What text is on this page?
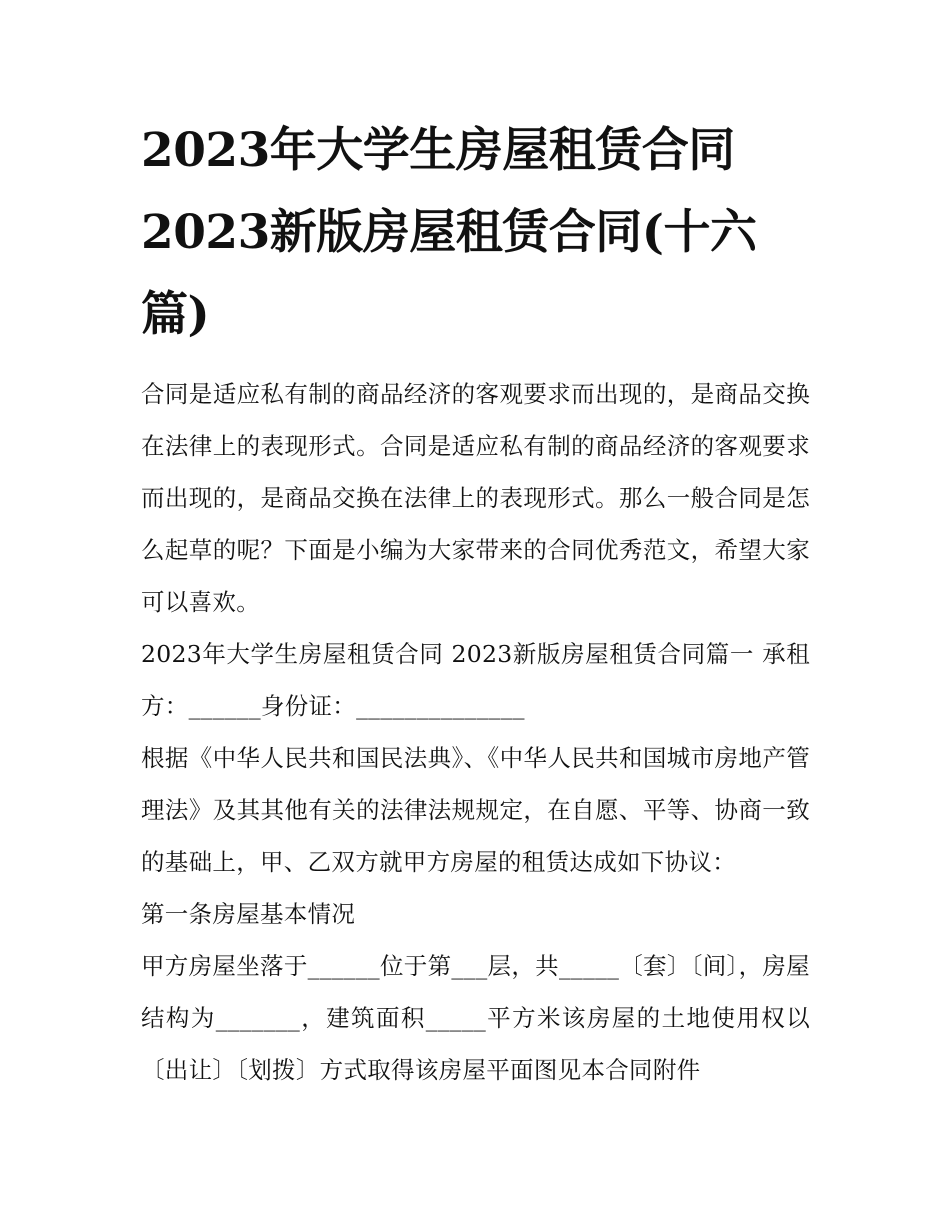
2023年大学生房屋租赁合同 2023新版房屋租赁合同(十六篇)

合同是适应私有制的商品经济的客观要求而出现的，是商品交换在法律上的表现形式。合同是适应私有制的商品经济的客观要求而出现的，是商品交换在法律上的表现形式。那么一般合同是怎么起草的呢？下面是小编为大家带来的合同优秀范文，希望大家可以喜欢。

2023年大学生房屋租赁合同 2023新版房屋租赁合同篇一 承租方：______身份证：______________

根据《中华人民共和国民法典》、《中华人民共和国城市房地产管理法》及其其他有关的法律法规规定，在自愿、平等、协商一致的基础上，甲、乙双方就甲方房屋的租赁达成如下协议：

第一条房屋基本情况

甲方房屋坐落于______位于第___层，共_____〔套〕〔间〕，房屋结构为_______，建筑面积_____平方米该房屋的土地使用权以〔出让〕〔划拨〕方式取得该房屋平面图见本合同附件
